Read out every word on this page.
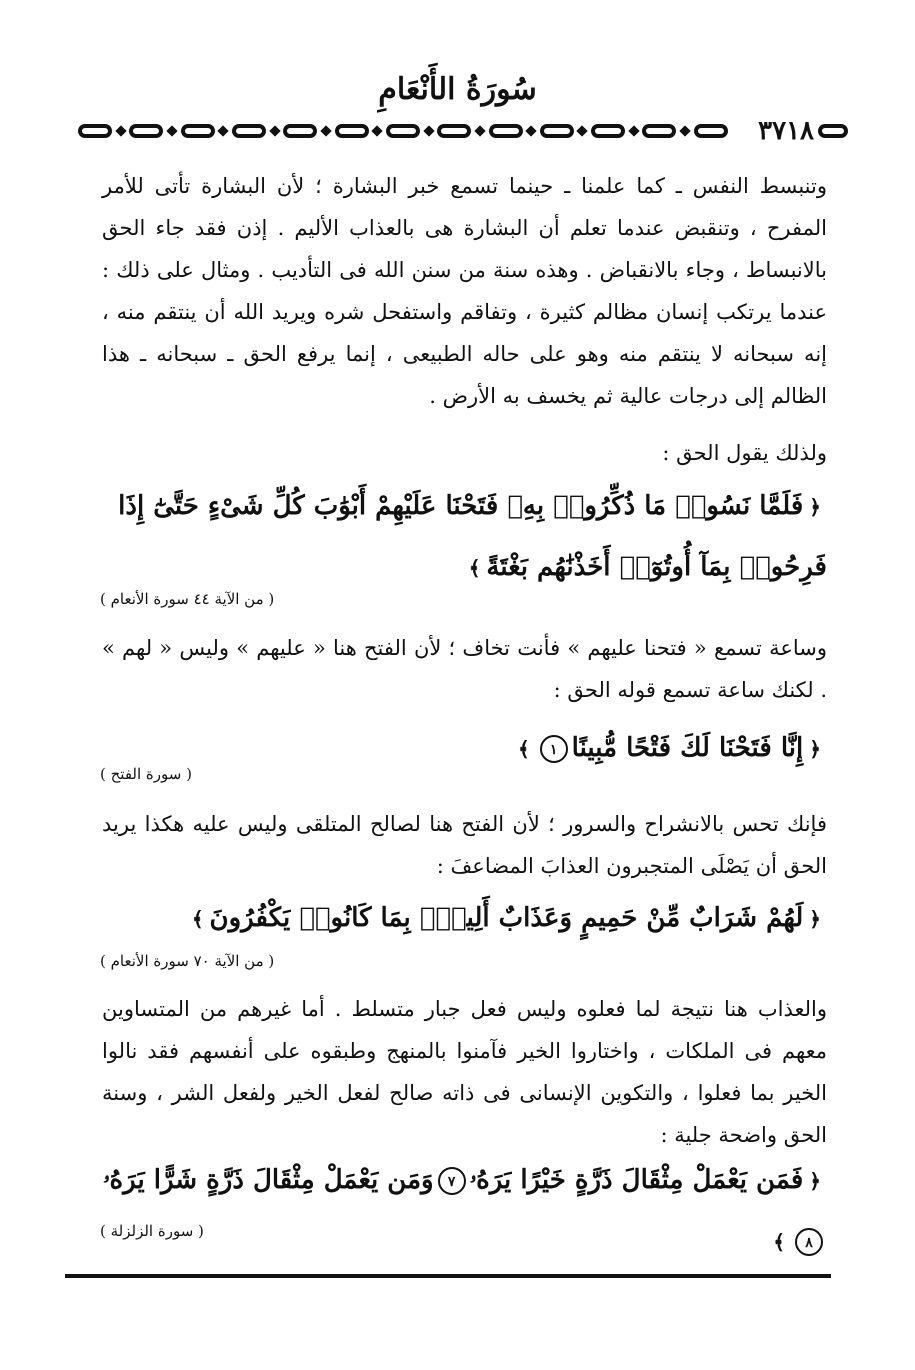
سُورَةُ الأَنْعَامِ
٣٧١٨
وتنبسط النفس ـ كما علمنا ـ حينما تسمع خبر البشارة ؛ لأن البشارة تأتى للأمر المفرح ، وتنقبض عندما تعلم أن البشارة هى بالعذاب الأليم . إذن فقد جاء الحق بالانبساط ، وجاء بالانقباض . وهذه سنة من سنن الله فى التأديب . ومثال على ذلك : عندما يرتكب إنسان مظالم كثيرة ، وتفاقم واستفحل شره ويريد الله أن ينتقم منه ، إنه سبحانه لا ينتقم منه وهو على حاله الطبيعى ، إنما يرفع الحق ـ سبحانه ـ هذا الظالم إلى درجات عالية ثم يخسف به الأرض .
ولذلك يقول الحق :
﴿فَلَمَّا نَسُوا۟ مَا ذُكِّرُوا۟ بِهِۦ فَتَحْنَا عَلَيْهِمْ أَبْوَٰبَ كُلِّ شَىْءٍ حَتَّىٰٓ إِذَا فَرِحُوا۟ بِمَآ أُوتُوٓا۟ أَخَذْنَٰهُم بَغْتَةً﴾
( من الآية ٤٤ سورة الأنعام )
وساعة تسمع « فتحنا عليهم » فأنت تخاف ؛ لأن الفتح هنا « عليهم » وليس « لهم » . لكنك ساعة تسمع قوله الحق :
﴿إِنَّا فَتَحْنَا لَكَ فَتْحًا مُّبِينًا١﴾
( سورة الفتح )
فإنك تحس بالانشراح والسرور ؛ لأن الفتح هنا لصالح المتلقى وليس عليه هكذا يريد الحق أن يَصْلَى المتجبرون العذابَ المضاعفَ :
﴿لَهُمْ شَرَابٌ مِّنْ حَمِيمٍ وَعَذَابٌ أَلِيمٌۢ بِمَا كَانُوا۟ يَكْفُرُونَ﴾
( من الآية ٧٠ سورة الأنعام )
والعذاب هنا نتيجة لما فعلوه وليس فعل جبار متسلط . أما غيرهم من المتساوين معهم فى الملكات ، واختاروا الخير فآمنوا بالمنهج وطبقوه على أنفسهم فقد نالوا الخير بما فعلوا ، والتكوين الإنسانى فى ذاته صالح لفعل الخير ولفعل الشر ، وسنة الحق واضحة جلية :
﴿فَمَن يَعْمَلْ مِثْقَالَ ذَرَّةٍ خَيْرًا يَرَهُۥ٧وَمَن يَعْمَلْ مِثْقَالَ ذَرَّةٍ شَرًّا يَرَهُۥ٨﴾
( سورة الزلزلة )
